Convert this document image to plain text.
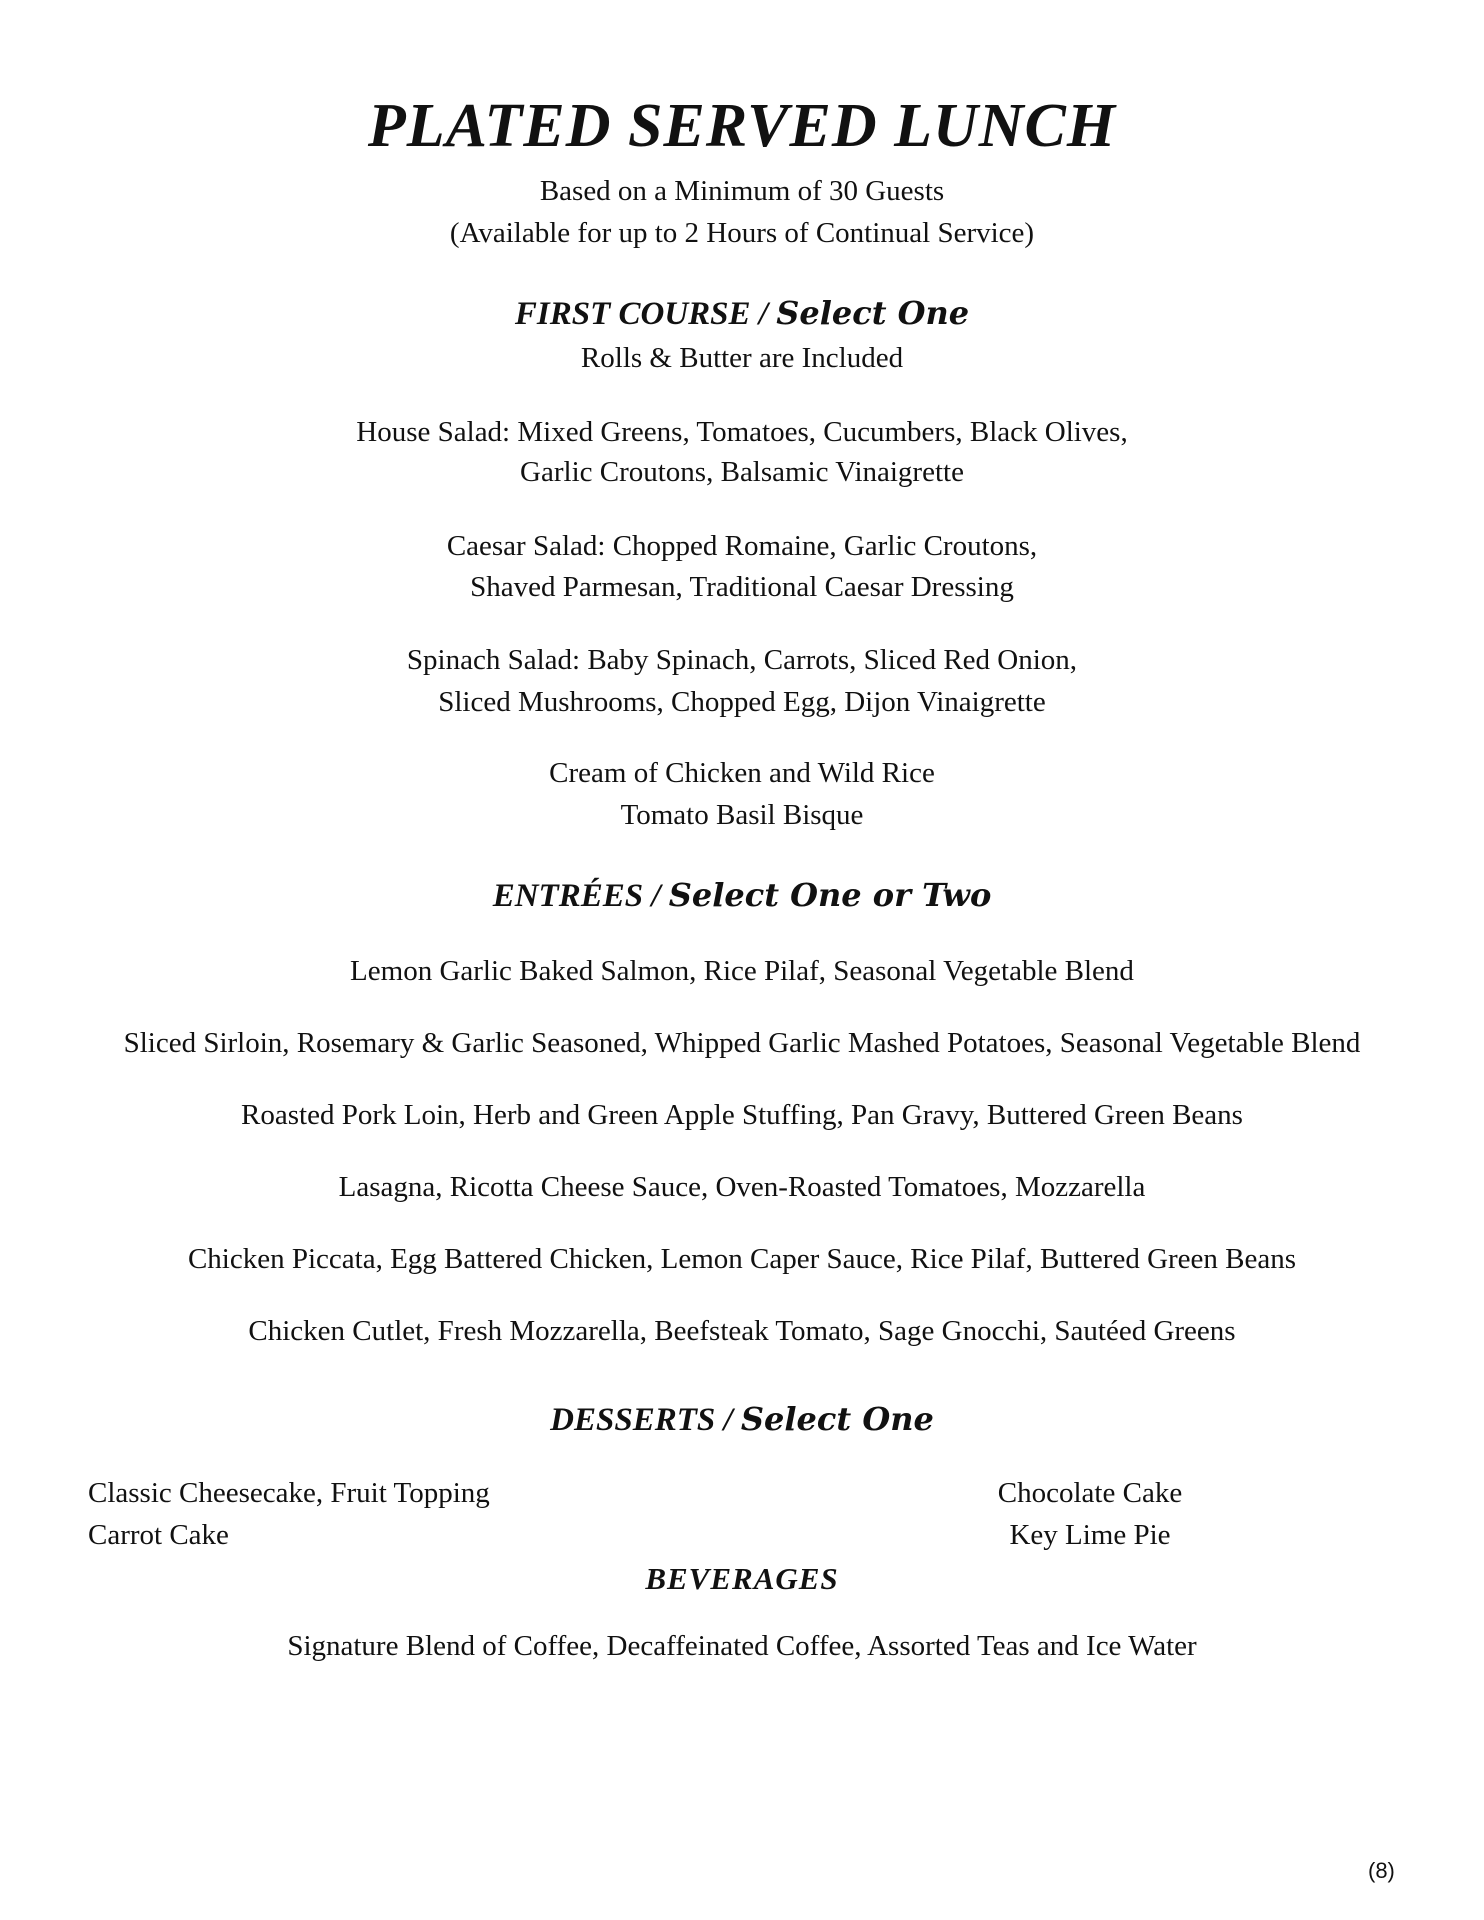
PLATED SERVED LUNCH
Based on a Minimum of 30 Guests
(Available for up to 2 Hours of Continual Service)
FIRST COURSE / Select One
Rolls & Butter are Included
House Salad: Mixed Greens, Tomatoes, Cucumbers, Black Olives,
Garlic Croutons, Balsamic Vinaigrette
Caesar Salad: Chopped Romaine, Garlic Croutons,
Shaved Parmesan, Traditional Caesar Dressing
Spinach Salad: Baby Spinach, Carrots, Sliced Red Onion,
Sliced Mushrooms, Chopped Egg, Dijon Vinaigrette
Cream of Chicken and Wild Rice
Tomato Basil Bisque
ENTRÉES / Select One or Two
Lemon Garlic Baked Salmon, Rice Pilaf, Seasonal Vegetable Blend
Sliced Sirloin, Rosemary & Garlic Seasoned, Whipped Garlic Mashed Potatoes, Seasonal Vegetable Blend
Roasted Pork Loin, Herb and Green Apple Stuffing, Pan Gravy, Buttered Green Beans
Lasagna, Ricotta Cheese Sauce, Oven-Roasted Tomatoes, Mozzarella
Chicken Piccata, Egg Battered Chicken, Lemon Caper Sauce, Rice Pilaf, Buttered Green Beans
Chicken Cutlet, Fresh Mozzarella, Beefsteak Tomato, Sage Gnocchi, Sautéed Greens
DESSERTS / Select One
Classic Cheesecake, Fruit Topping
Carrot Cake
Chocolate Cake
Key Lime Pie
BEVERAGES
Signature Blend of Coffee, Decaffeinated Coffee, Assorted Teas and Ice Water
(8)
